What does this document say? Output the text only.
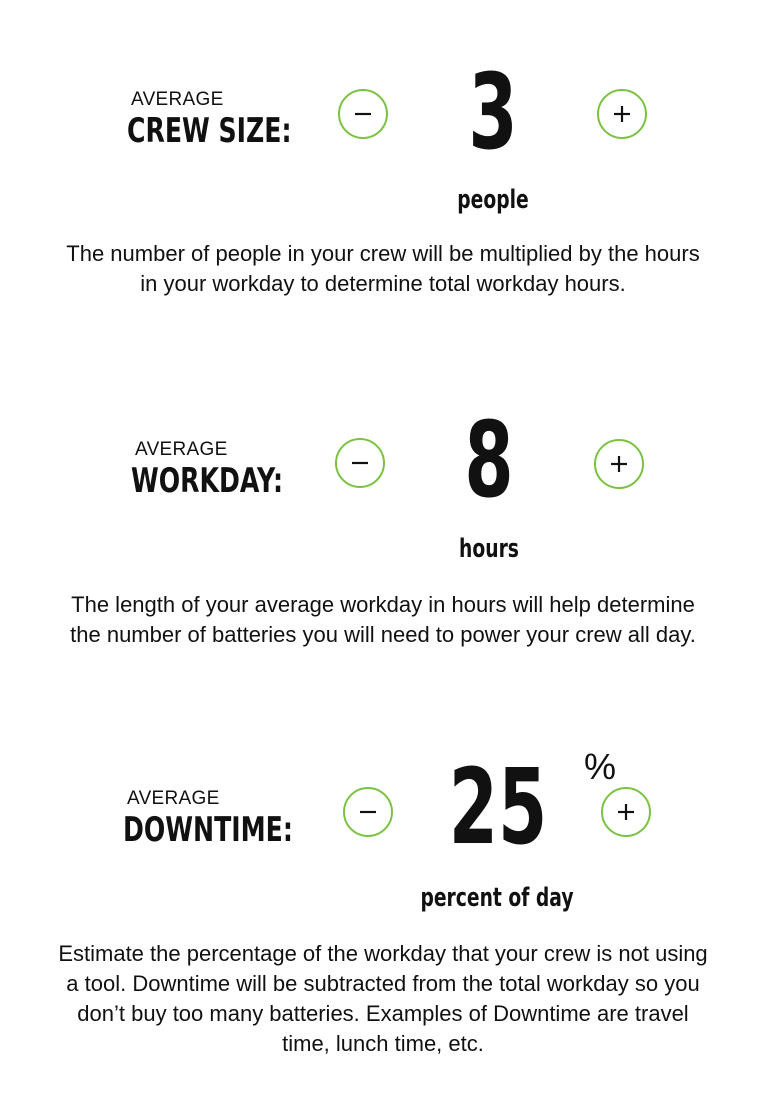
AVERAGE
CREW SIZE: 3
people

The number of people in your crew will be multiplied by the hours in your workday to determine total workday hours.

AVERAGE
WORKDAY: 8
hours

The length of your average workday in hours will help determine the number of batteries you will need to power your crew all day.

AVERAGE
DOWNTIME: 25 %
percent of day

Estimate the percentage of the workday that your crew is not using a tool. Downtime will be subtracted from the total workday so you don’t buy too many batteries. Examples of Downtime are travel time, lunch time, etc.
